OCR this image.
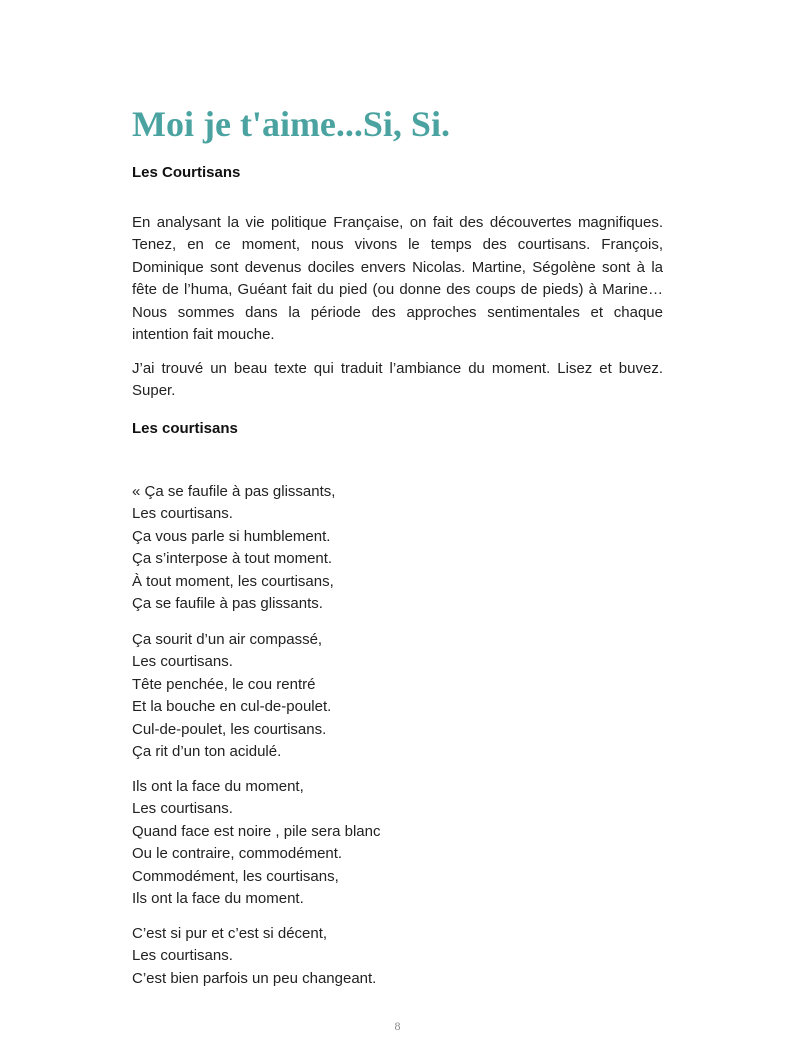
Moi je t'aime...Si, Si.
Les Courtisans

En analysant la vie politique Française, on fait des découvertes magnifiques. Tenez, en ce moment, nous vivons le temps des courtisans. François, Dominique sont devenus dociles envers Nicolas. Martine, Ségolène sont à la fête de l’huma, Guéant fait du pied (ou donne des coups de pieds) à Marine…Nous sommes dans la période des approches sentimentales et chaque intention fait mouche.

J’ai trouvé un beau texte qui traduit l’ambiance du moment. Lisez et buvez. Super.

Les courtisans
« Ça se faufile à pas glissants,
Les courtisans.
Ça vous parle si humblement.
Ça s’interpose à tout moment.
À tout moment, les courtisans,
Ça se faufile à pas glissants.
Ça sourit d’un air compassé,
Les courtisans.
Tête penchée, le cou rentré
Et la bouche en cul-de-poulet.
Cul-de-poulet, les courtisans.
Ça rit d’un ton acidulé.
Ils ont la face du moment,
Les courtisans.
Quand face est noire , pile sera blanc
Ou le contraire, commodément.
Commodément, les courtisans,
Ils ont la face du moment.
C’est si pur et c’est si décent,
Les courtisans.
C’est bien parfois un peu changeant.
8
